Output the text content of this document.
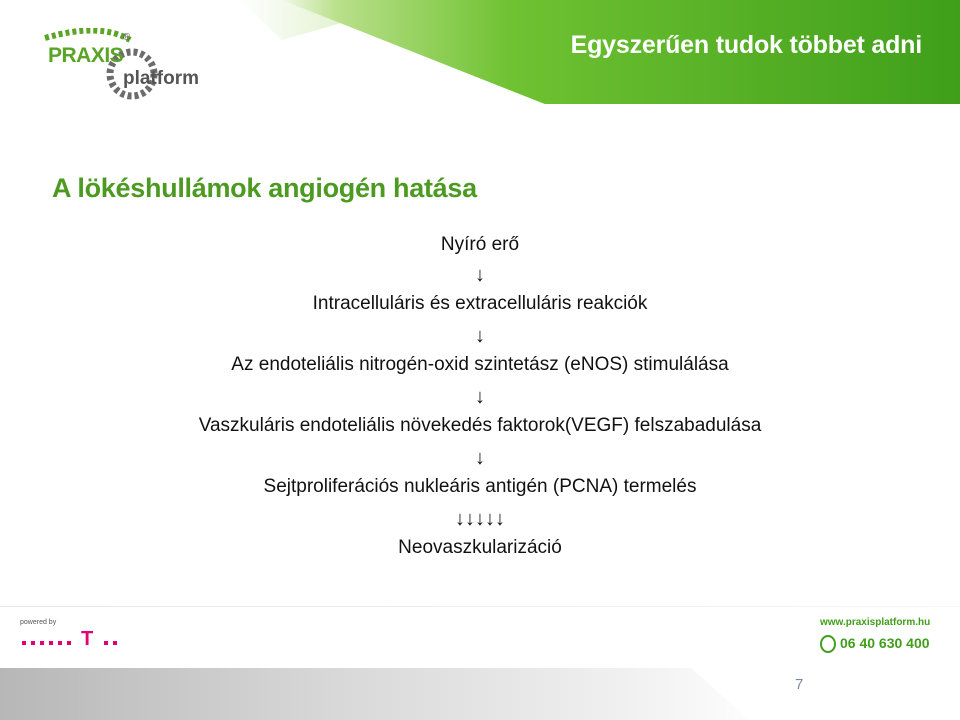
Egyszerűen tudok többet adni
PRAXIS
®
platform
A lökéshullámok angiogén hatása
Nyíró erő
↓
Intracelluláris és extracelluláris reakciók
↓
Az endoteliális nitrogén-oxid szintetász (eNOS) stimulálása
↓
Vaszkuláris endoteliális növekedés faktorok(VEGF) felszabadulása
↓
Sejtproliferációs nukleáris antigén (PCNA) termelés
↓↓↓↓↓
Neovaszkularizáció
powered by
T
www.praxisplatform.hu
06 40 630 400
7
